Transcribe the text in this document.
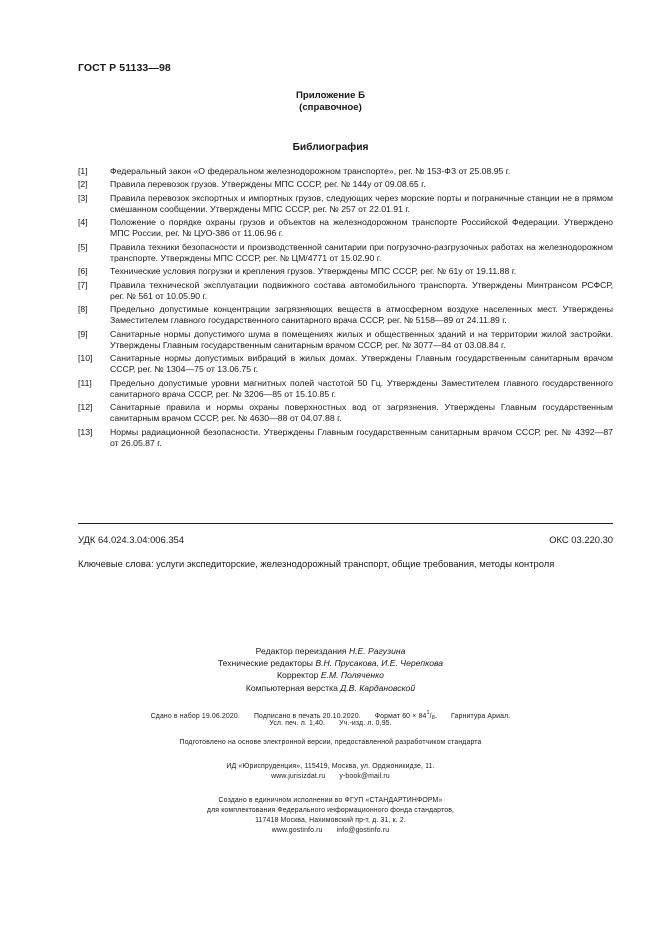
ГОСТ Р 51133—98
Приложение Б
(справочное)
Библиография
[1]	Федеральный закон «О федеральном железнодорожном транспорте», рег. № 153-ФЗ от 25.08.95 г.
[2]	Правила перевозок грузов. Утверждены МПС СССР, рег. № 144у от 09.08.65 г.
[3]	Правила перевозок экспортных и импортных грузов, следующих через морские порты и пограничные станции не в прямом смешанном сообщении. Утверждены МПС СССР, рег. № 257 от 22.01.91 г.
[4]	Положение о порядке охраны грузов и объектов на железнодорожном транспорте Российской Федерации. Утверждено МПС России, рег. № ЦУО-386 от 11.06.96 г.
[5]	Правила техники безопасности и производственной санитарии при погрузочно-разгрузочных работах на железнодорожном транспорте. Утверждены МПС СССР, рег. № ЦМ/4771 от 15.02.90 г.
[6]	Технические условия погрузки и крепления грузов. Утверждены МПС СССР, рег. № 61у от 19.11.88 г.
[7]	Правила технической эксплуатации подвижного состава автомобильного транспорта. Утверждены Минтрансом РСФСР, рег. № 561 от 10.05.90 г.
[8]	Предельно допустимые концентрации загрязняющих веществ в атмосферном воздухе населенных мест. Утверждены Заместителем главного государственного санитарного врача СССР, рег. № 5158—89 от 24.11.89 г.
[9]	Санитарные нормы допустимого шума в помещениях жилых и общественных зданий и на территории жилой застройки. Утверждены Главным государственным санитарным врачом СССР, рег. № 3077—84 от 03.08.84 г.
[10]	Санитарные нормы допустимых вибраций в жилых домах. Утверждены Главным государственным санитарным врачом СССР, рег. № 1304—75 от 13.06.75 г.
[11]	Предельно допустимые уровни магнитных полей частотой 50 Гц. Утверждены Заместителем главного государственного санитарного врача СССР, рег. № 3206—85 от 15.10.85 г.
[12]	Санитарные правила и нормы охраны поверхностных вод от загрязнения. Утверждены Главным государственным санитарным врачом СССР, рег. № 4630—88 от 04.07.88 г.
[13]	Нормы радиационной безопасности. Утверждены Главным государственным санитарным врачом СССР, рег. № 4392—87 от 26.05.87 г.
УДК 64.024.3.04:006.354	ОКС 03.220.30
Ключевые слова: услуги экспедиторские, железнодорожный транспорт, общие требования, методы контроля
Редактор переиздания Н.Е. Рагузина
Технические редакторы В.Н. Прусакова, И.Е. Черепкова
Корректор Е.М. Поляченко
Компьютерная верстка Д.В. Кардановской
Сдано в набор 19.06.2020. Подписано в печать 20.10.2020. Формат $60 \times 84^1/_8$. Гарнитура Ариал.
Усл. печ. л. 1,40. Уч.-изд. л. 0,95.
Подготовлено на основе электронной версии, предоставленной разработчиком стандарта
ИД «Юриспруденция», 115419, Москва, ул. Орджоникидзе, 11.
www.jurisizdat.ru y-book@mail.ru
Создано в единичном исполнении во ФГУП «СТАНДАРТИНФОРМ»
для комплектования Федерального информационного фонда стандартов,
117418 Москва, Нахимовский пр-т, д. 31, к. 2.
www.gostinfo.ru info@gostinfo.ru
